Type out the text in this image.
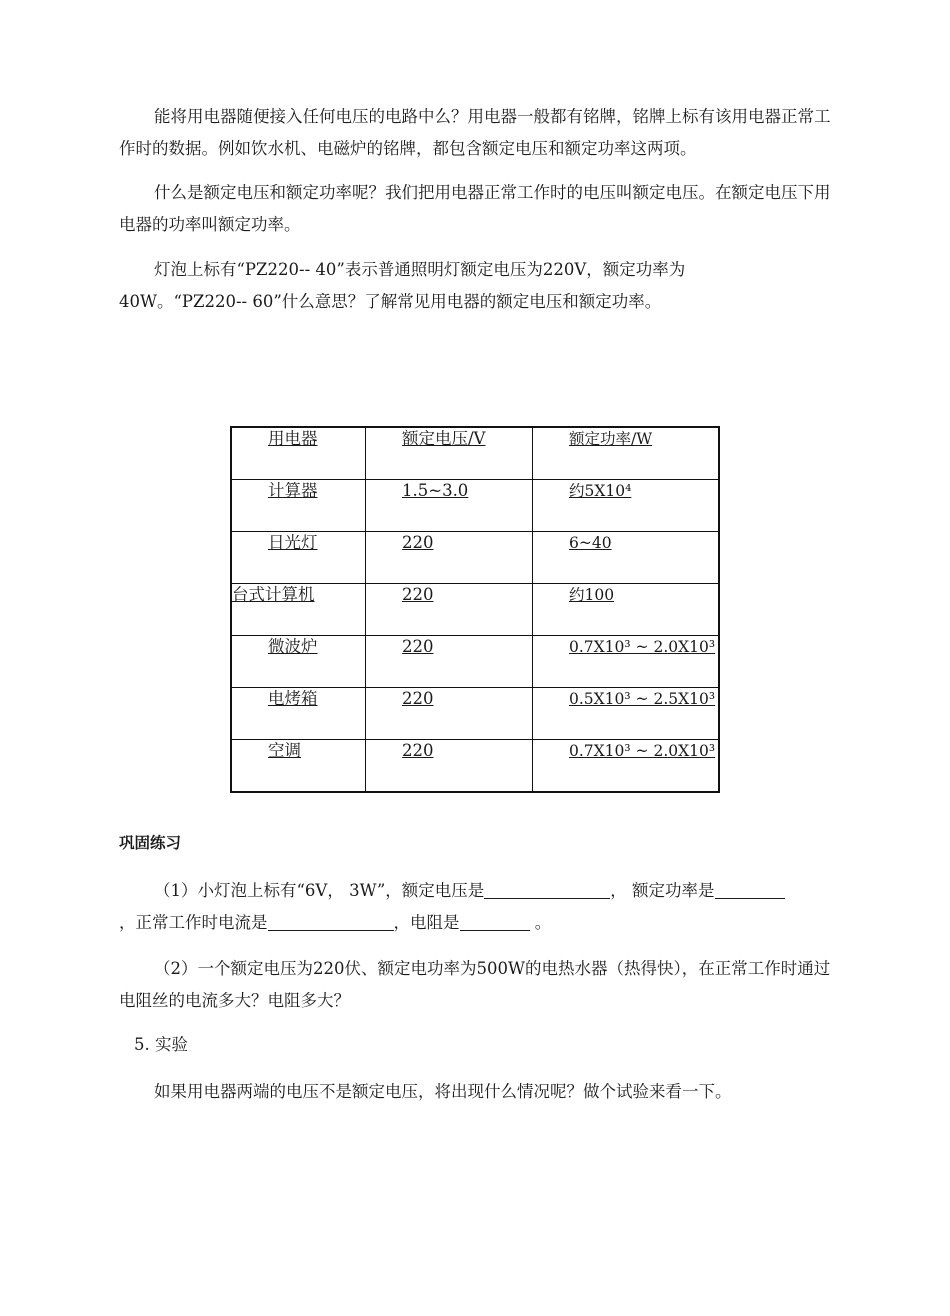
能将用电器随便接入任何电压的电路中么？用电器一般都有铭牌，铭牌上标有该用电器正常工作时的数据。例如饮水机、电磁炉的铭牌，都包含额定电压和额定功率这两项。

什么是额定电压和额定功率呢？我们把用电器正常工作时的电压叫额定电压。在额定电压下用电器的功率叫额定功率。

灯泡上标有“PZ220-- 40”表示普通照明灯额定电压为220V，额定功率为

40W。“PZ220-- 60”什么意思？了解常见用电器的额定电压和额定功率。

用电器	额定电压/V	额定功率/W
计算器	1.5~3.0	约5X10⁴
日光灯	220	6~40
台式计算机	220	约100
微波炉	220	0.7X10³ ~ 2.0X10³
电烤箱	220	0.5X10³ ~ 2.5X10³
空调	220	0.7X10³ ~ 2.0X10³

巩固练习

（1）小灯泡上标有“6V， 3W”，额定电压是	， 额定功率是

，正常工作时电流是	，电阻是	。

（2）一个额定电压为220伏、额定电功率为500W的电热水器（热得快），在正常工作时通过电阻丝的电流多大？电阻多大？

5. 实验

如果用电器两端的电压不是额定电压，将出现什么情况呢？做个试验来看一下。
